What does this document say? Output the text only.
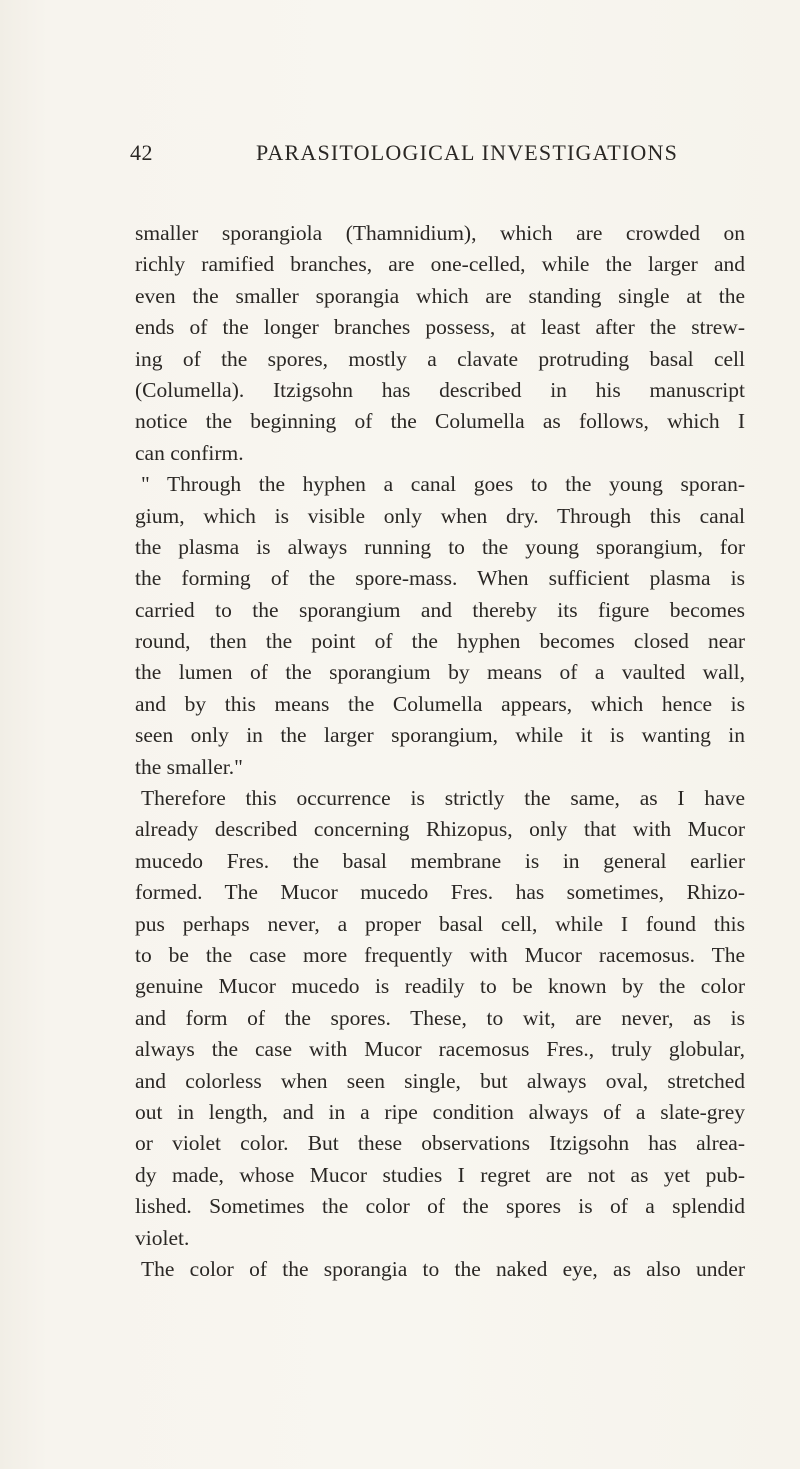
42	PARASITOLOGICAL INVESTIGATIONS
smaller sporangiola (Thamnidium), which are crowded on
richly ramified branches, are one-celled, while the larger and
even the smaller sporangia which are standing single at the
ends of the longer branches possess, at least after the strew-
ing of the spores, mostly a clavate protruding basal cell
(Columella). Itzigsohn has described in his manuscript
notice the beginning of the Columella as follows, which I
can confirm.
" Through the hyphen a canal goes to the young sporan-
gium, which is visible only when dry. Through this canal
the plasma is always running to the young sporangium, for
the forming of the spore-mass. When sufficient plasma is
carried to the sporangium and thereby its figure becomes
round, then the point of the hyphen becomes closed near
the lumen of the sporangium by means of a vaulted wall,
and by this means the Columella appears, which hence is
seen only in the larger sporangium, while it is wanting in
the smaller."
Therefore this occurrence is strictly the same, as I have
already described concerning Rhizopus, only that with Mucor
mucedo Fres. the basal membrane is in general earlier
formed. The Mucor mucedo Fres. has sometimes, Rhizo-
pus perhaps never, a proper basal cell, while I found this
to be the case more frequently with Mucor racemosus. The
genuine Mucor mucedo is readily to be known by the color
and form of the spores. These, to wit, are never, as is
always the case with Mucor racemosus Fres., truly globular,
and colorless when seen single, but always oval, stretched
out in length, and in a ripe condition always of a slate-grey
or violet color. But these observations Itzigsohn has alrea-
dy made, whose Mucor studies I regret are not as yet pub-
lished. Sometimes the color of the spores is of a splendid
violet.
The color of the sporangia to the naked eye, as also under
